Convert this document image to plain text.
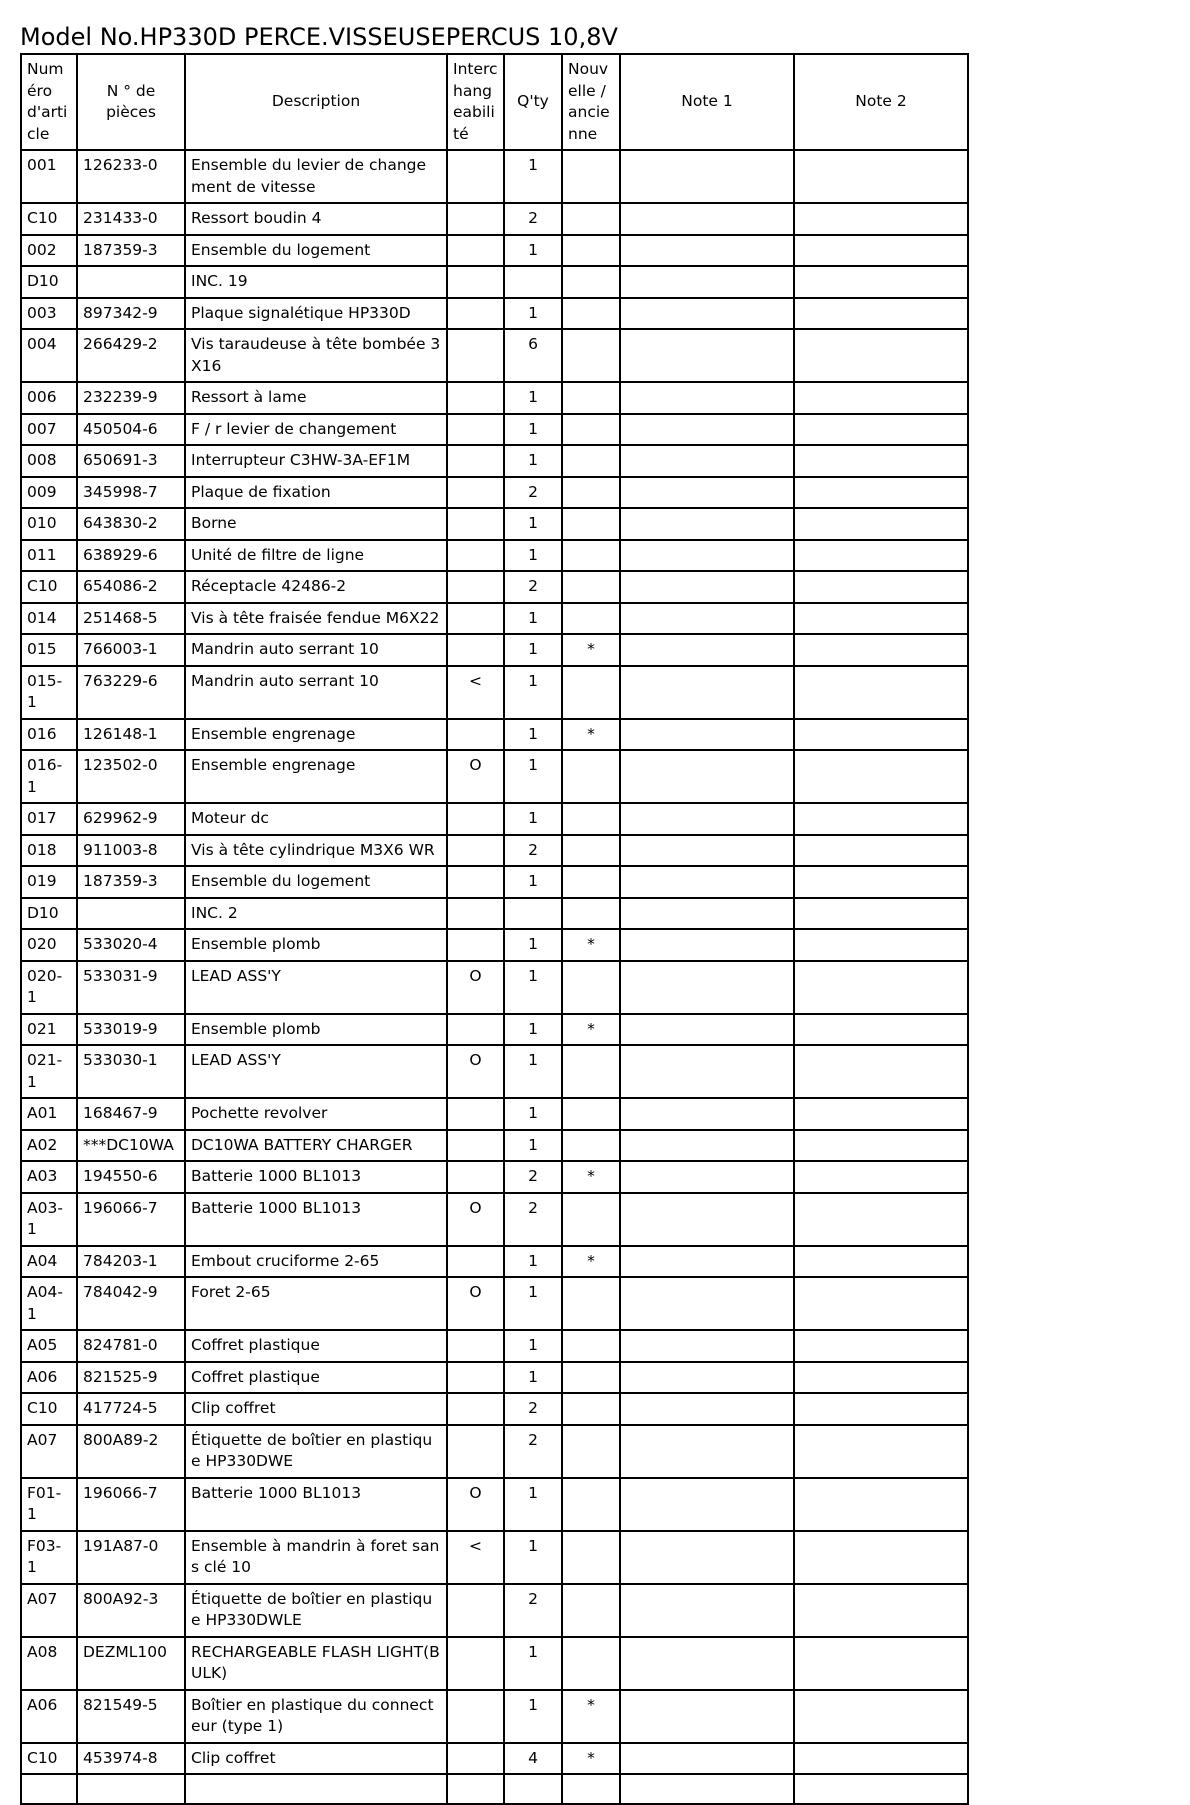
Model No.HP330D PERCE.VISSEUSEPERCUS 10,8V
Numéro d'article	N ° de pièces	Description	Interchangeabilité	Q'ty	Nouvelle / ancienne	Note 1	Note 2
001	126233-0	Ensemble du levier de changement de vitesse		1			
C10	231433-0	Ressort boudin 4		2			
002	187359-3	Ensemble du logement		1			
D10		INC. 19					
003	897342-9	Plaque signalétique HP330D		1			
004	266429-2	Vis taraudeuse à tête bombée 3X16		6			
006	232239-9	Ressort à lame		1			
007	450504-6	F / r levier de changement		1			
008	650691-3	Interrupteur C3HW-3A-EF1M		1			
009	345998-7	Plaque de fixation		2			
010	643830-2	Borne		1			
011	638929-6	Unité de filtre de ligne		1			
C10	654086-2	Réceptacle 42486-2		2			
014	251468-5	Vis à tête fraisée fendue M6X22		1			
015	766003-1	Mandrin auto serrant 10		1	*		
015-1	763229-6	Mandrin auto serrant 10	<	1			
016	126148-1	Ensemble engrenage		1	*		
016-1	123502-0	Ensemble engrenage	O	1			
017	629962-9	Moteur dc		1			
018	911003-8	Vis à tête cylindrique M3X6 WR		2			
019	187359-3	Ensemble du logement		1			
D10		INC. 2					
020	533020-4	Ensemble plomb		1	*		
020-1	533031-9	LEAD ASS'Y	O	1			
021	533019-9	Ensemble plomb		1	*		
021-1	533030-1	LEAD ASS'Y	O	1			
A01	168467-9	Pochette revolver		1			
A02	***DC10WA	DC10WA BATTERY CHARGER		1			
A03	194550-6	Batterie 1000 BL1013		2	*		
A03-1	196066-7	Batterie 1000 BL1013	O	2			
A04	784203-1	Embout cruciforme 2-65		1	*		
A04-1	784042-9	Foret 2-65	O	1			
A05	824781-0	Coffret plastique		1			
A06	821525-9	Coffret plastique		1			
C10	417724-5	Clip coffret		2			
A07	800A89-2	Étiquette de boîtier en plastique HP330DWE		2			
F01-1	196066-7	Batterie 1000 BL1013	O	1			
F03-1	191A87-0	Ensemble à mandrin à foret sans clé 10	<	1			
A07	800A92-3	Étiquette de boîtier en plastique HP330DWLE		2			
A08	DEZML100	RECHARGEABLE FLASH LIGHT(BULK)		1			
A06	821549-5	Boîtier en plastique du connecteur (type 1)		1	*		
C10	453974-8	Clip coffret		4	*		
